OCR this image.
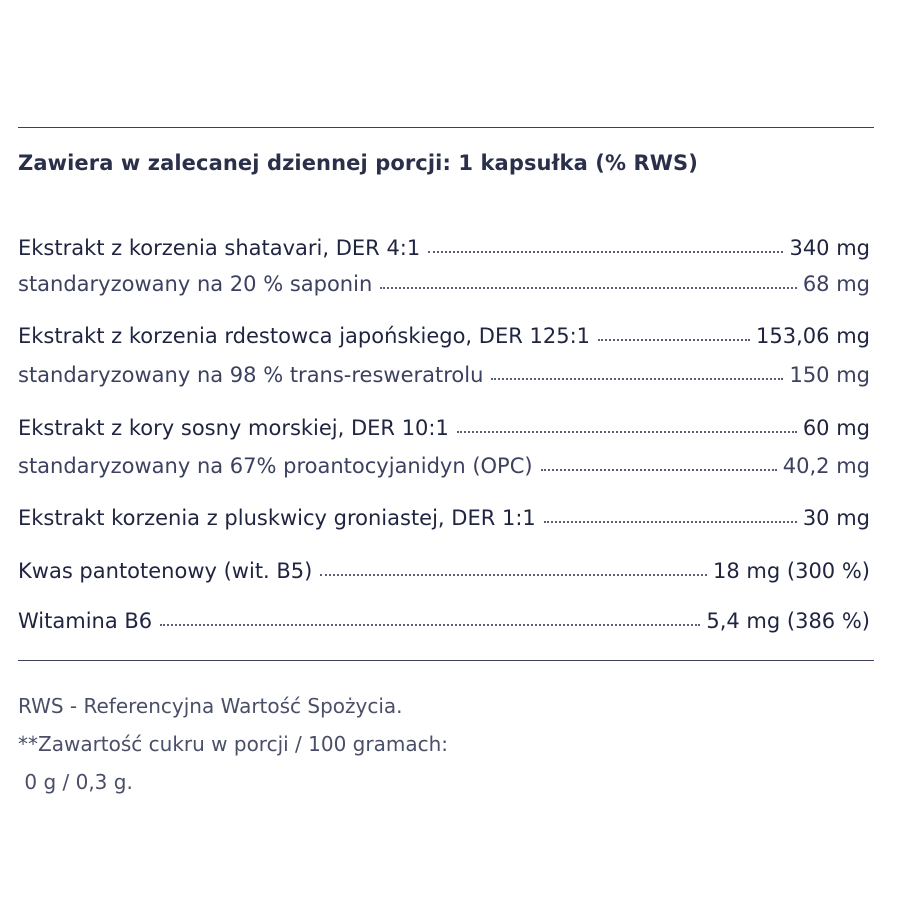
Zawiera w zalecanej dziennej porcji: 1 kapsułka (% RWS)
Ekstrakt z korzenia shatavari, DER 4:1	340 mg
standaryzowany na 20 % saponin	68 mg
Ekstrakt z korzenia rdestowca japońskiego, DER 125:1	153,06 mg
standaryzowany na 98 % trans-resweratrolu	150 mg
Ekstrakt z kory sosny morskiej, DER 10:1	60 mg
standaryzowany na 67% proantocyjanidyn (OPC)	40,2 mg
Ekstrakt korzenia z pluskwicy groniastej, DER 1:1	30 mg
Kwas pantotenowy (wit. B5)	18 mg (300 %)
Witamina B6	5,4 mg (386 %)
RWS - Referencyjna Wartość Spożycia.
**Zawartość cukru w porcji / 100 gramach:
0 g / 0,3 g.
